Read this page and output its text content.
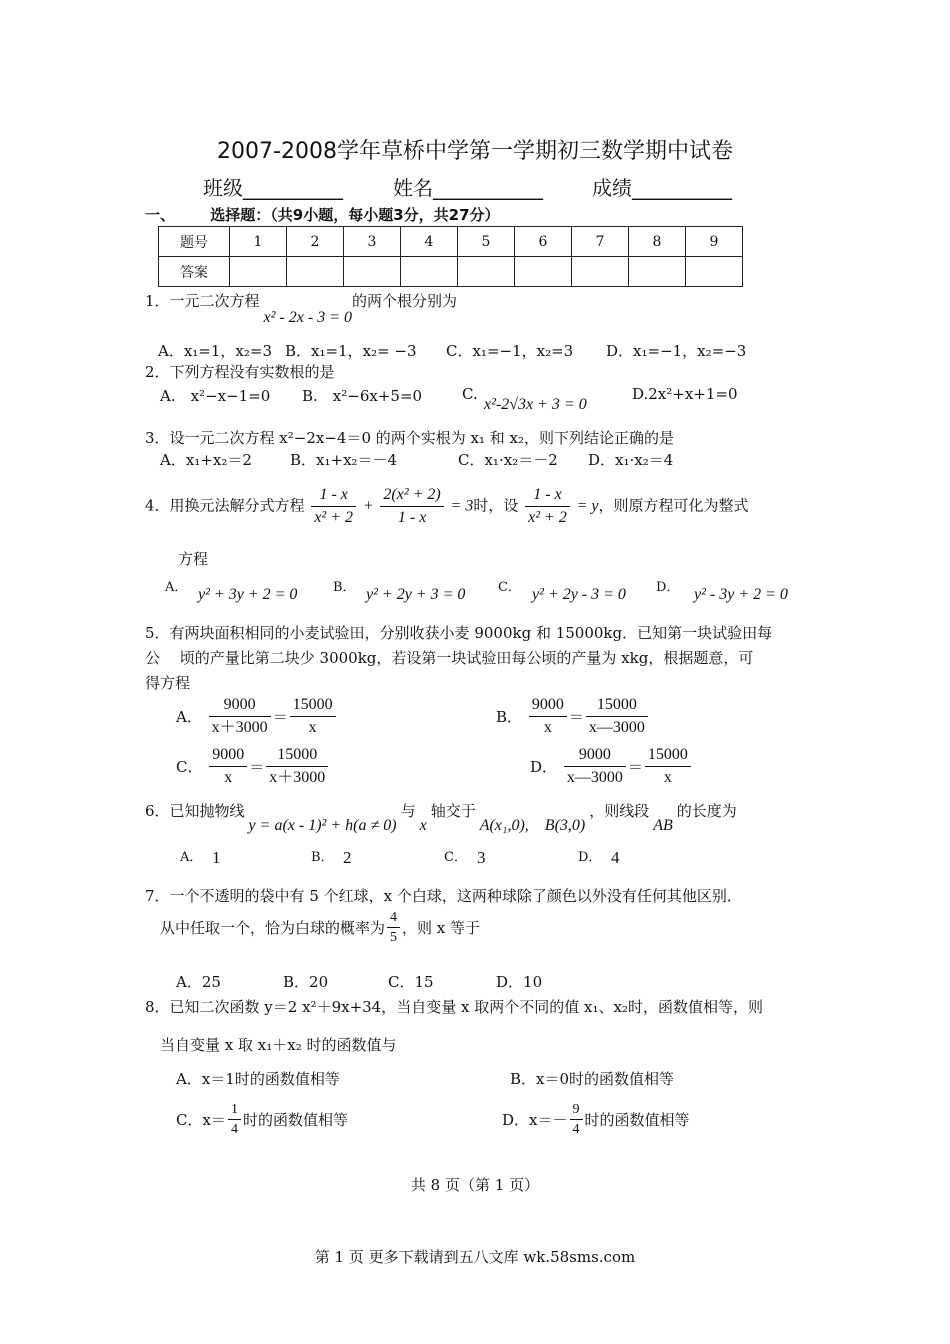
2007-2008学年草桥中学第一学期初三数学期中试卷
班级__________	姓名___________ 成绩__________
一、 选择题：（共9小题，每小题3分，共27分）
题号	1	2	3	4	5	6	7	8	9
答案									
1．一元二次方程x² - 2x - 3 = 0的两个根分别为
A．x₁=1，x₂=3 B．x₁=1，x₂= −3 C．x₁=−1，x₂=3 D．x₁=−1，x₂=−3
2．下列方程没有实数根的是
A.　x²−x−1=0 B.　x²−6x+5=0	C.
x²-2√3x + 3 = 0
D.2x²+x+1=0
3．设一元二次方程 x²−2x−4＝0 的两个实根为 x₁ 和 x₂，则下列结论正确的是
A．x₁+x₂＝2	B．x₁+x₂＝－4	C．x₁·x₂＝－2 D．x₁·x₂＝4
4．用换元法解分式方程 $\frac{1 - x}{\text{x² + 2}} + \frac{\text{2(x² + 2)}}{1 - x} = 3$时，设 $\frac{1 - x}{\text{x² + 2}} = y$，则原方程可化为整式
方程
A． y² + 3y + 2 = 0	B． y² + 2y + 3 = 0	C． y² + 2y - 3 = 0 D． y² - 3y + 2 = 0
5．有两块面积相同的小麦试验田，分别收获小麦 9000kg 和 15000kg．已知第一块试验田每
公　 顷的产量比第二块少 3000kg，若设第一块试验田每公顷的产量为 xkg，根据题意，可
得方程
A． $\frac{9000}{x+3000} = \frac{15000}{x}$	B． $\frac{9000}{x} = \frac{15000}{x—3000}$
C． $\frac{9000}{x} = \frac{15000}{x+3000}$	D． $\frac{9000}{x—3000} = \frac{15000}{x}$
6．已知抛物线y = a(x - 1)² + h(a ≠ 0)与x轴交于A(x₁,0),　B(3,0)，则线段AB的长度为
A． 1	B． 2	C． 3	D． 4
7．一个不透明的袋中有 5 个红球，x 个白球，这两种球除了颜色以外没有任何其他区别．
从中任取一个，恰为白球的概率为 $\frac{4}{5}$ ，则 x 等于
A．25	B．20	C．15	D．10
8．已知二次函数 y＝2 x²＋9x+34，当自变量 x 取两个不同的值 x₁、x₂时，函数值相等，则
当自变量 x 取 x₁＋x₂ 时的函数值与
A．x＝1时的函数值相等	B．x＝0时的函数值相等
C．$x= \frac{1}{4}$ 时的函数值相等	D．$x=- \frac{9}{4}$ 时的函数值相等
共 8 页（第 1 页）
第 1 页 更多下载请到五八文库 wk.58sms.com
